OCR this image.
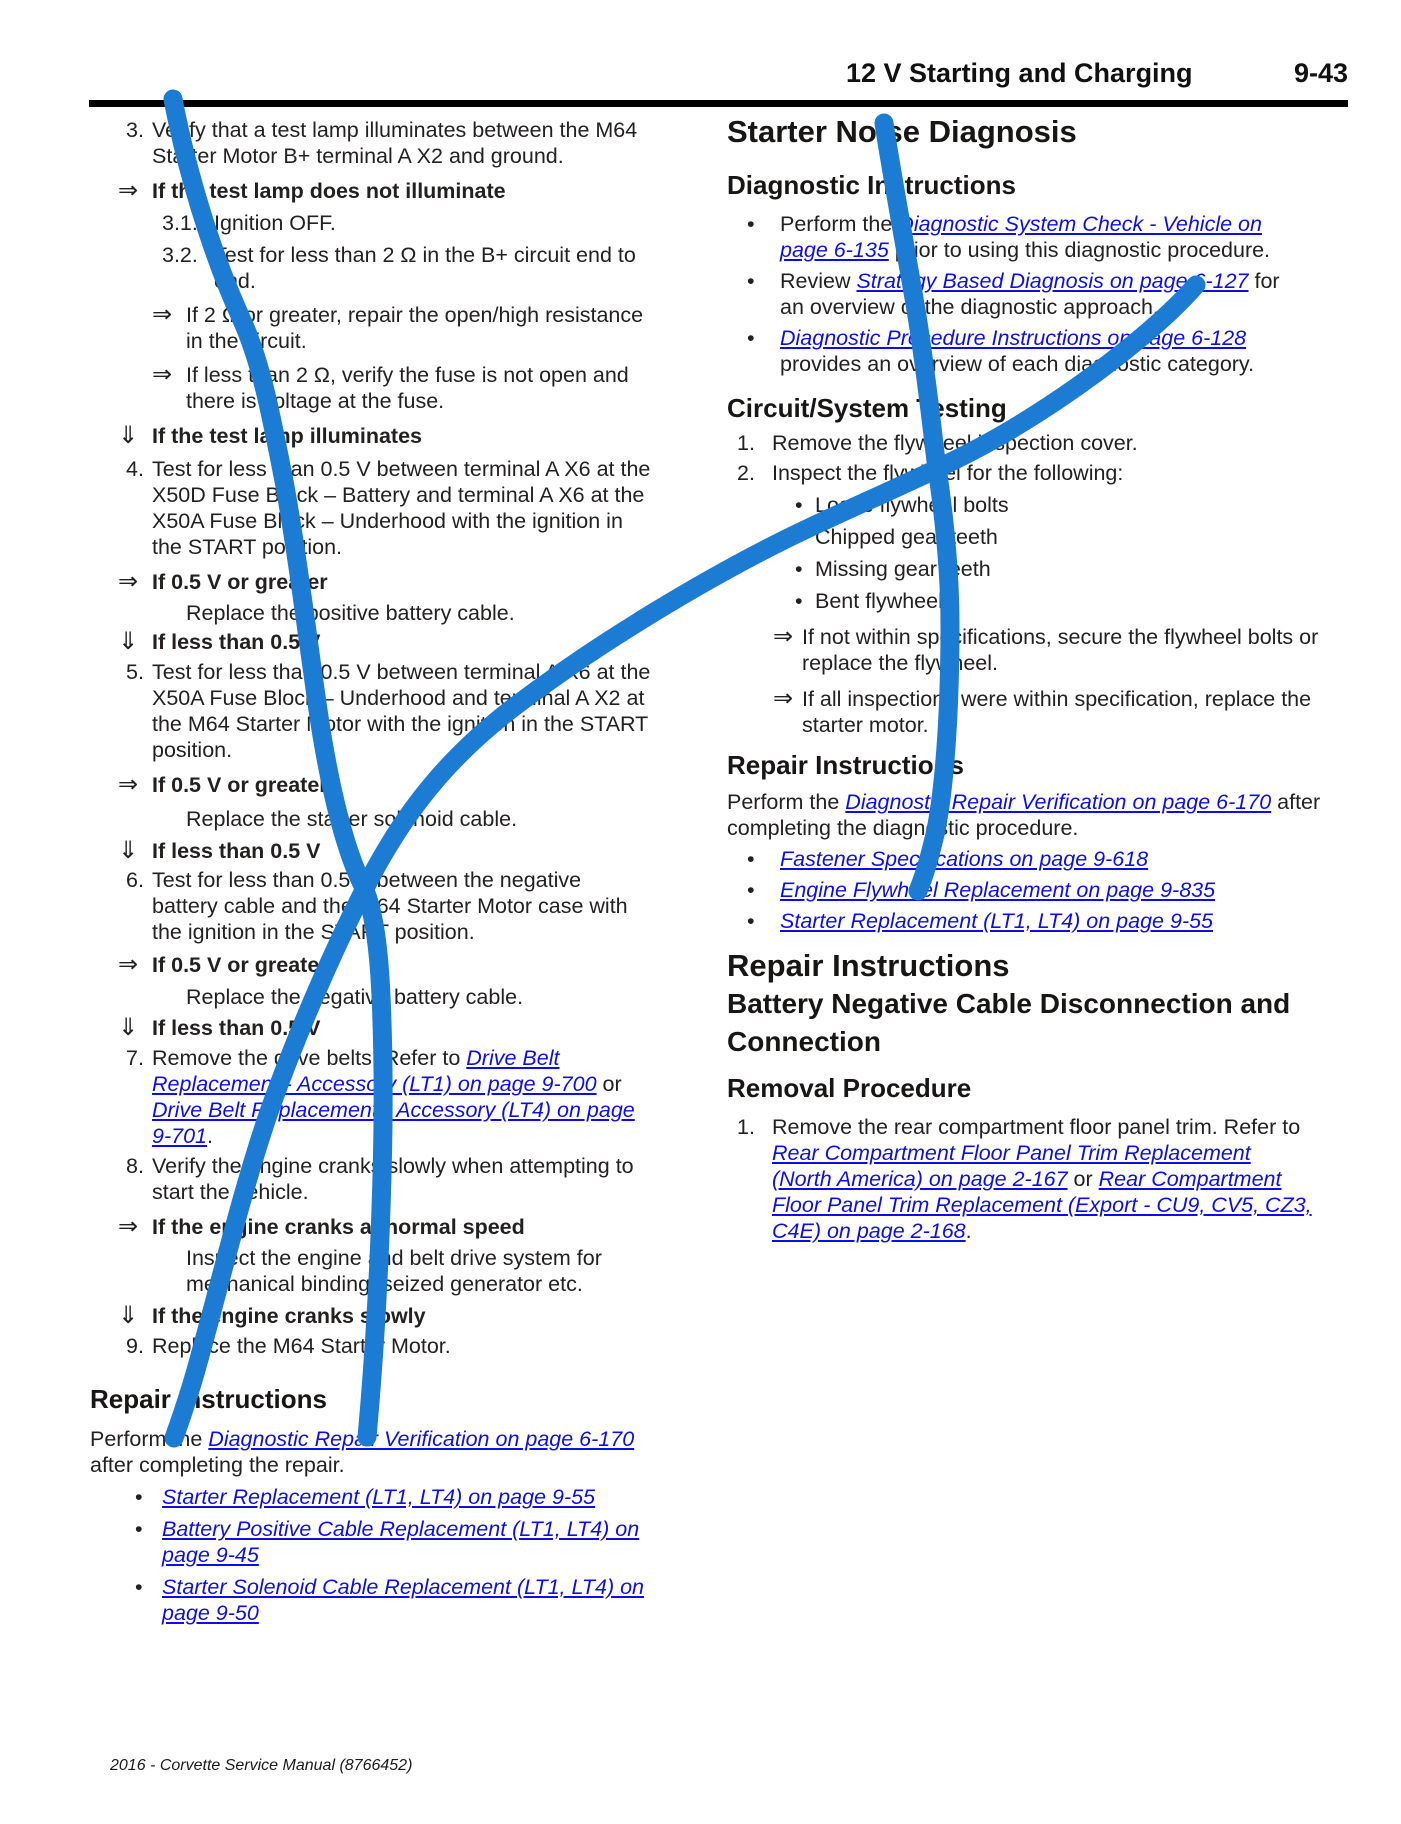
12 V Starting and Charging	9-43
3. Verify that a test lamp illuminates between the M64 Starter Motor B+ terminal A X2 and ground.
⇒ If the test lamp does not illuminate
3.1. Ignition OFF.
3.2. Test for less than 2 Ω in the B+ circuit end to end.
⇒ If 2 Ω or greater, repair the open/high resistance in the circuit.
⇒ If less than 2 Ω, verify the fuse is not open and there is voltage at the fuse.
⇓ If the test lamp illuminates
4. Test for less than 0.5 V between terminal A X6 at the X50D Fuse Block – Battery and terminal A X6 at the X50A Fuse Block – Underhood with the ignition in the START position.
⇒ If 0.5 V or greater
Replace the positive battery cable.
⇓ If less than 0.5 V
5. Test for less than 0.5 V between terminal A X6 at the X50A Fuse Block – Underhood and terminal A X2 at the M64 Starter Motor with the ignition in the START position.
⇒ If 0.5 V or greater
Replace the starter solenoid cable.
⇓ If less than 0.5 V
6. Test for less than 0.5 V between the negative battery cable and the M64 Starter Motor case with the ignition in the START position.
⇒ If 0.5 V or greater
Replace the negative battery cable.
⇓ If less than 0.5 V
7. Remove the drive belts. Refer to Drive Belt Replacement - Accessory (LT1) on page 9-700 or Drive Belt Replacement - Accessory (LT4) on page 9-701.
8. Verify the engine cranks slowly when attempting to start the vehicle.
⇒ If the engine cranks at normal speed
Inspect the engine and belt drive system for mechanical binding, seized generator etc.
⇓ If the engine cranks slowly
9. Replace the M64 Starter Motor.
Repair Instructions
Perform the Diagnostic Repair Verification on page 6-170 after completing the repair.
• Starter Replacement (LT1, LT4) on page 9-55
• Battery Positive Cable Replacement (LT1, LT4) on page 9-45
• Starter Solenoid Cable Replacement (LT1, LT4) on page 9-50
Starter Noise Diagnosis
Diagnostic Instructions
• Perform the Diagnostic System Check - Vehicle on page 6-135 prior to using this diagnostic procedure.
• Review Strategy Based Diagnosis on page 6-127 for an overview of the diagnostic approach.
• Diagnostic Procedure Instructions on page 6-128 provides an overview of each diagnostic category.
Circuit/System Testing
1. Remove the flywheel inspection cover.
2. Inspect the flywheel for the following:
• Loose flywheel bolts
• Chipped gear teeth
• Missing gear teeth
• Bent flywheel
⇒ If not within specifications, secure the flywheel bolts or replace the flywheel.
⇒ If all inspections were within specification, replace the starter motor.
Repair Instructions
Perform the Diagnostic Repair Verification on page 6-170 after completing the diagnostic procedure.
• Fastener Specifications on page 9-618
• Engine Flywheel Replacement on page 9-835
• Starter Replacement (LT1, LT4) on page 9-55
Repair Instructions
Battery Negative Cable Disconnection and Connection
Removal Procedure
1. Remove the rear compartment floor panel trim. Refer to Rear Compartment Floor Panel Trim Replacement (North America) on page 2-167 or Rear Compartment Floor Panel Trim Replacement (Export - CU9, CV5, CZ3, C4E) on page 2-168.
2016 - Corvette Service Manual (8766452)
